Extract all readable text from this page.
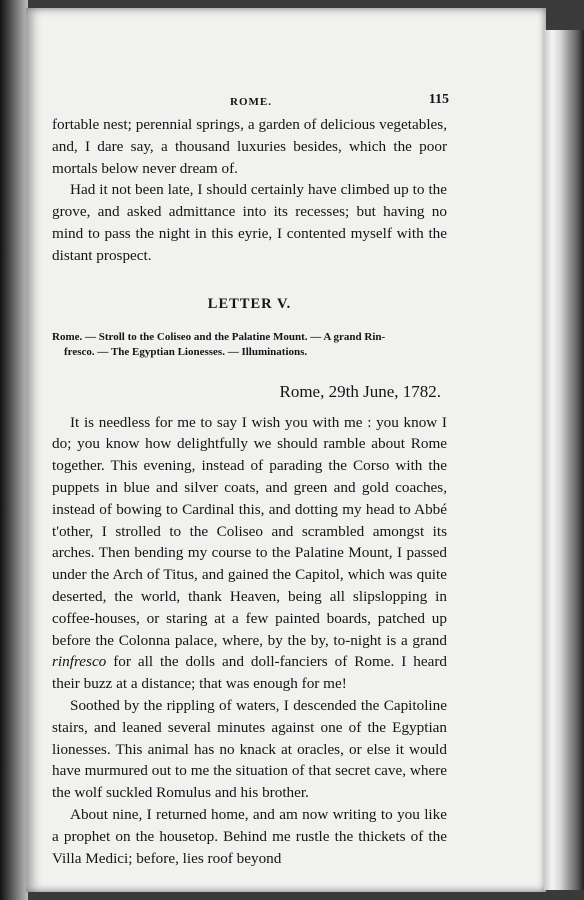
ROME.	115

fortable nest; perennial springs, a garden of delicious vegetables, and, I dare say, a thousand luxuries besides, which the poor mortals below never dream of.

Had it not been late, I should certainly have climbed up to the grove, and asked admittance into its recesses; but having no mind to pass the night in this eyrie, I contented myself with the distant prospect.

LETTER V.
Rome. — Stroll to the Coliseo and the Palatine Mount. — A grand Rin-
fresco. — The Egyptian Lionesses. — Illuminations.
Rome, 29th June, 1782.

It is needless for me to say I wish you with me : you know I do; you know how delightfully we should ramble about Rome together. This evening, instead of parading the Corso with the puppets in blue and silver coats, and green and gold coaches, instead of bowing to Cardinal this, and dotting my head to Abbé t'other, I strolled to the Coliseo and scrambled amongst its arches. Then bending my course to the Palatine Mount, I passed under the Arch of Titus, and gained the Capitol, which was quite deserted, the world, thank Heaven, being all slipslopping in coffee-houses, or staring at a few painted boards, patched up before the Colonna palace, where, by the by, to-night is a grand rinfresco for all the dolls and doll-fanciers of Rome. I heard their buzz at a distance; that was enough for me!

Soothed by the rippling of waters, I descended the Capitoline stairs, and leaned several minutes against one of the Egyptian lionesses. This animal has no knack at oracles, or else it would have murmured out to me the situation of that secret cave, where the wolf suckled Romulus and his brother.

About nine, I returned home, and am now writing to you like a prophet on the housetop. Behind me rustle the thickets of the Villa Medici; before, lies roof beyond
